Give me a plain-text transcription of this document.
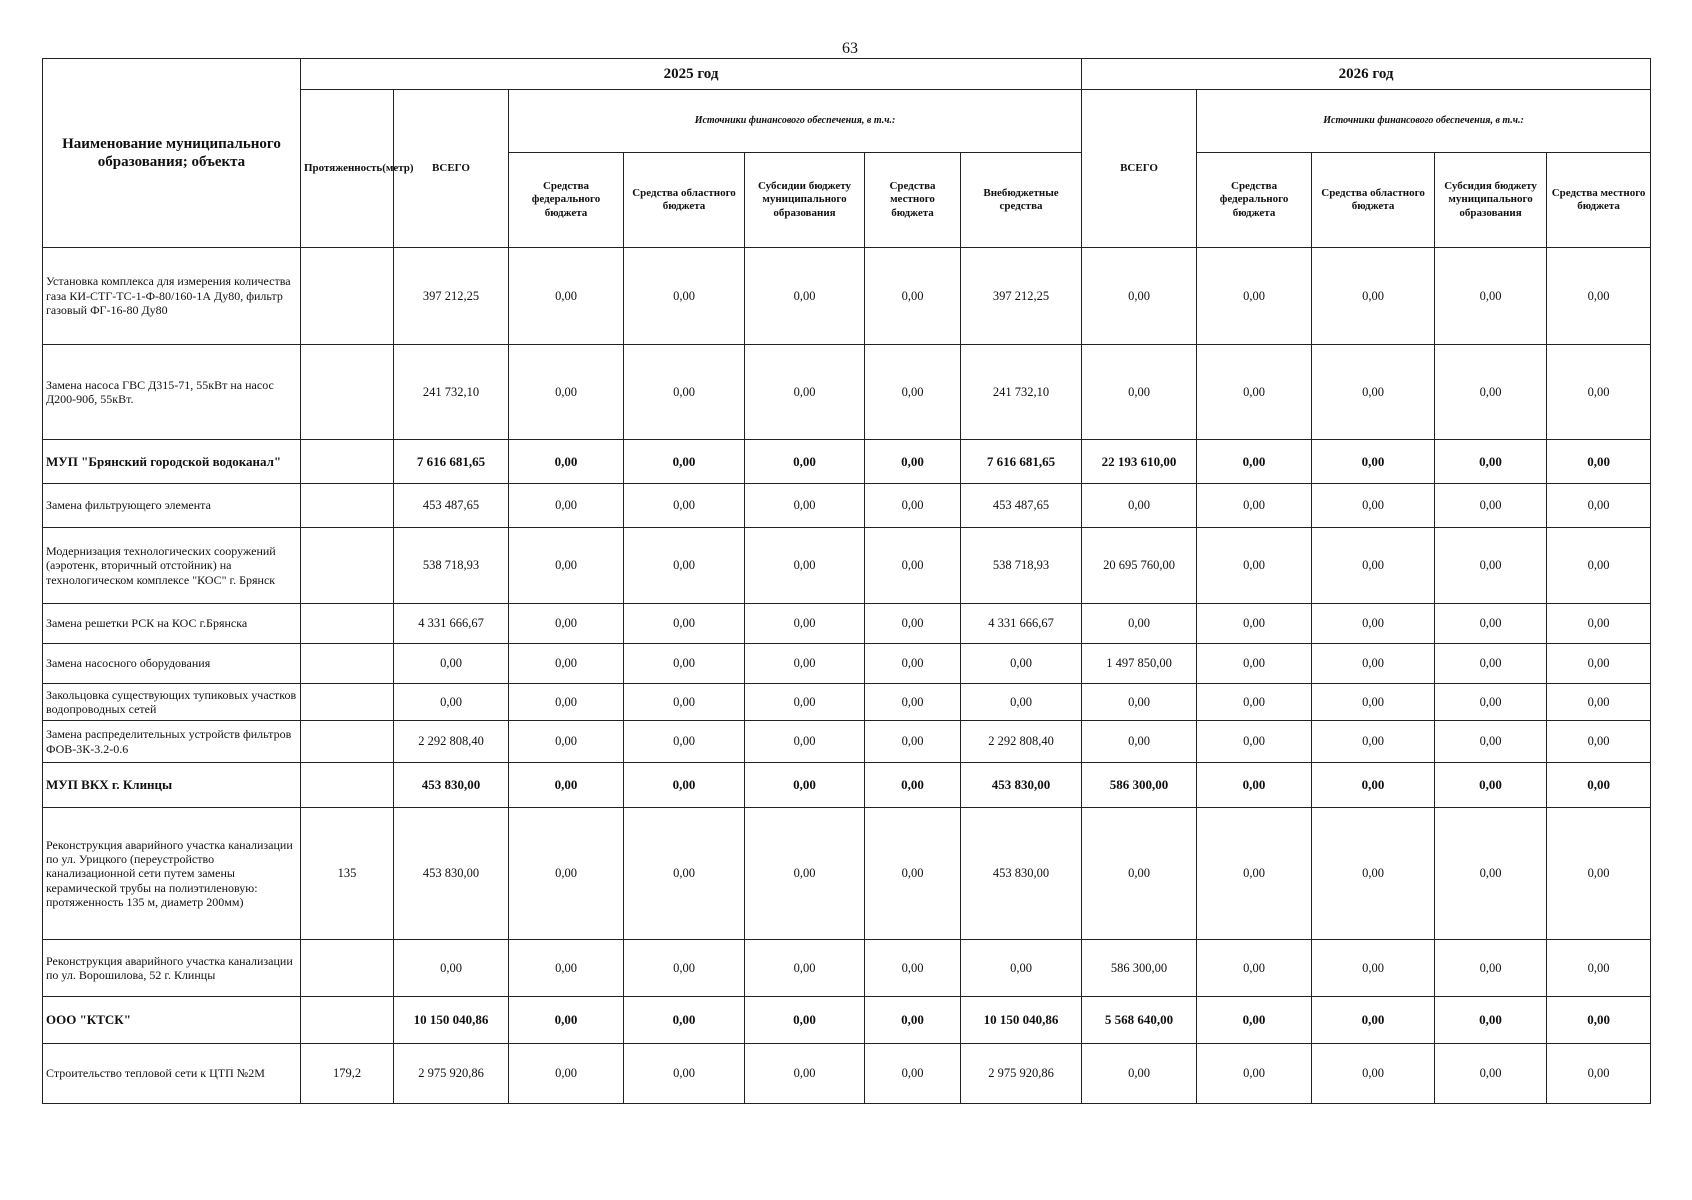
63
Наименование муниципального образования; объекта	2025 год							2026 год				
	Протяженность(метр)	ВСЕГО	Источники финансового обеспечения, в т.ч.:					ВСЕГО	Источники финансового обеспечения, в т.ч.:			
			Средства федерального бюджета	Средства областного бюджета	Субсидии бюджету муниципального образования	Средства местного бюджета	Внебюджетные средства		Средства федерального бюджета	Средства областного бюджета	Субсидия бюджету муниципального образования	Средства местного бюджета
Установка комплекса для измерения количества газа КИ-СТГ-ТС-1-Ф-80/160-1А Ду80, фильтр газовый ФГ-16-80 Ду80		397 212,25	0,00	0,00	0,00	0,00	397 212,25	0,00	0,00	0,00	0,00	0,00
Замена насоса ГВС Д315-71, 55кВт на насос Д200-90б, 55кВт.		241 732,10	0,00	0,00	0,00	0,00	241 732,10	0,00	0,00	0,00	0,00	0,00
МУП "Брянский городской водоканал"		7 616 681,65	0,00	0,00	0,00	0,00	7 616 681,65	22 193 610,00	0,00	0,00	0,00	0,00
Замена фильтрующего элемента		453 487,65	0,00	0,00	0,00	0,00	453 487,65	0,00	0,00	0,00	0,00	0,00
Модернизация технологических сооружений (аэротенк, вторичный отстойник) на технологическом комплексе "КОС" г. Брянск		538 718,93	0,00	0,00	0,00	0,00	538 718,93	20 695 760,00	0,00	0,00	0,00	0,00
Замена решетки РСК на КОС г.Брянска		4 331 666,67	0,00	0,00	0,00	0,00	4 331 666,67	0,00	0,00	0,00	0,00	0,00
Замена насосного оборудования		0,00	0,00	0,00	0,00	0,00	0,00	1 497 850,00	0,00	0,00	0,00	0,00
Закольцовка существующих тупиковых участков водопроводных сетей		0,00	0,00	0,00	0,00	0,00	0,00	0,00	0,00	0,00	0,00	0,00
Замена распределительных устройств фильтров ФОВ-3К-3.2-0.6		2 292 808,40	0,00	0,00	0,00	0,00	2 292 808,40	0,00	0,00	0,00	0,00	0,00
МУП ВКХ г. Клинцы		453 830,00	0,00	0,00	0,00	0,00	453 830,00	586 300,00	0,00	0,00	0,00	0,00
Реконструкция аварийного участка канализации по ул. Урицкого (переустройство канализационной сети путем замены керамической трубы на полиэтиленовую: протяженность 135 м, диаметр 200мм)	135	453 830,00	0,00	0,00	0,00	0,00	453 830,00	0,00	0,00	0,00	0,00	0,00
Реконструкция аварийного участка канализации по ул. Ворошилова, 52 г. Клинцы		0,00	0,00	0,00	0,00	0,00	0,00	586 300,00	0,00	0,00	0,00	0,00
ООО "КТСК"		10 150 040,86	0,00	0,00	0,00	0,00	10 150 040,86	5 568 640,00	0,00	0,00	0,00	0,00
Строительство тепловой сети к ЦТП №2М	179,2	2 975 920,86	0,00	0,00	0,00	0,00	2 975 920,86	0,00	0,00	0,00	0,00	0,00
